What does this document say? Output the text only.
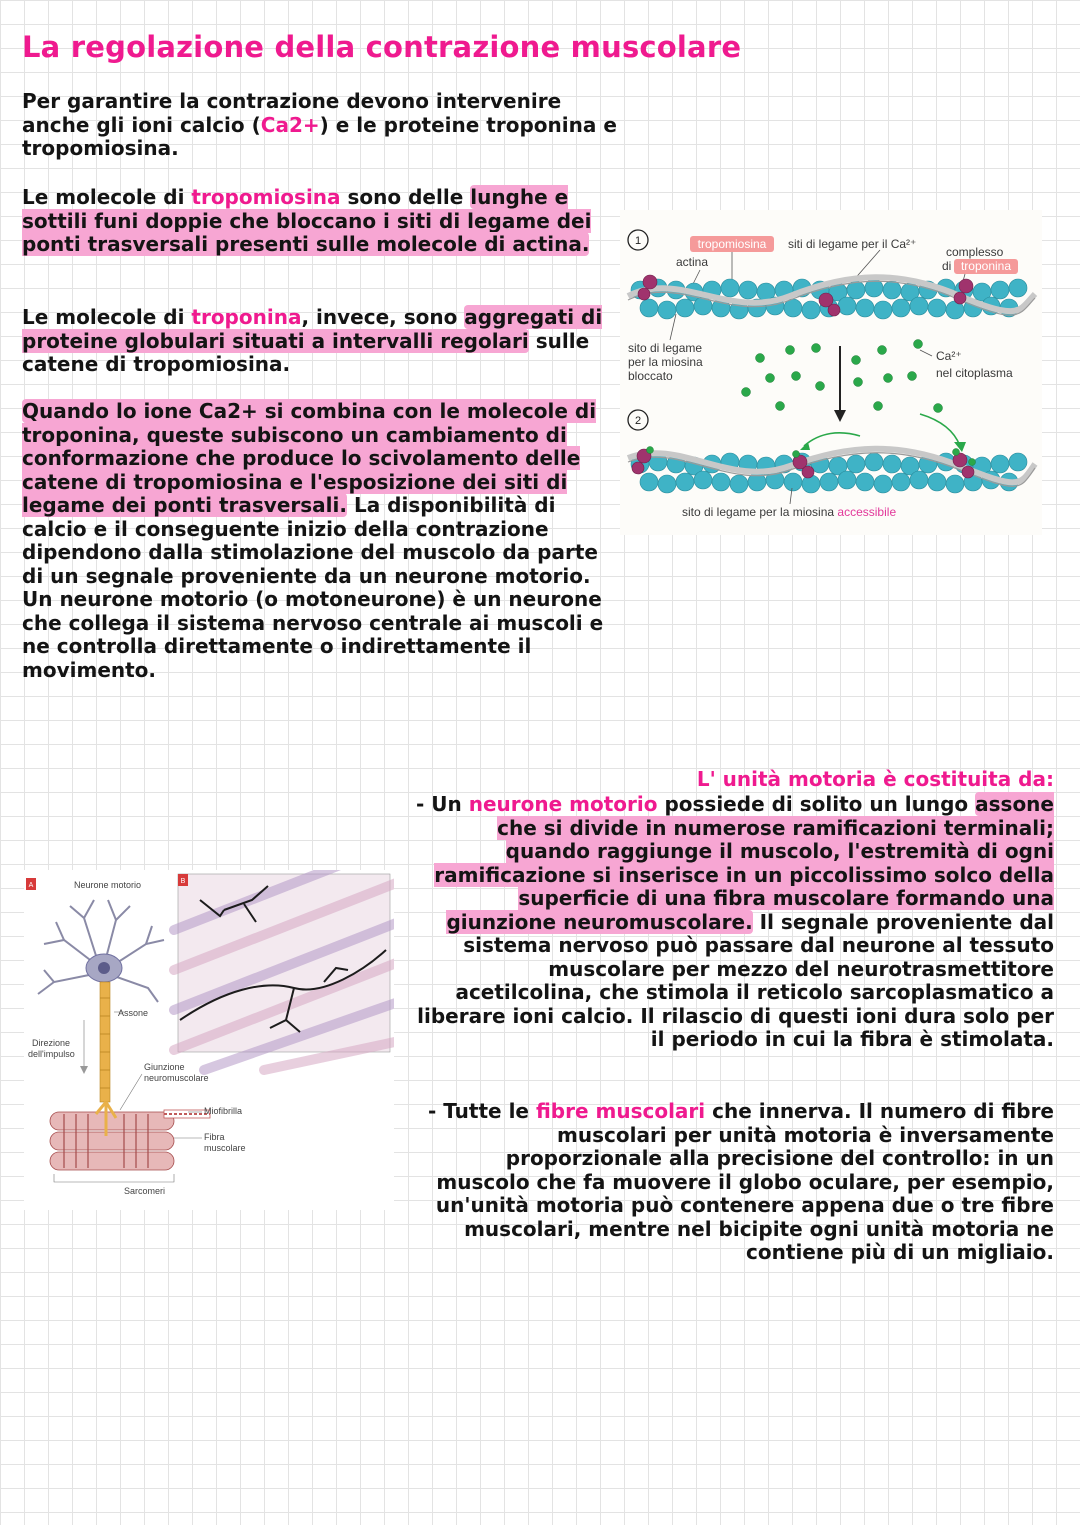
La regolazione della contrazione muscolare

Per garantire la contrazione devono intervenire anche gli ioni calcio (Ca2+) e le proteine troponina e tropomiosina.

Le molecole di tropomiosina sono delle lunghe e sottili funi doppie che bloccano i siti di legame dei ponti trasversali presenti sulle molecole di actina.

Le molecole di troponina, invece, sono aggregati di proteine globulari situati a intervalli regolari sulle catene di tropomiosina.

Quando lo ione Ca2+ si combina con le molecole di troponina, queste subiscono un cambiamento di conformazione che produce lo scivolamento delle catene di tropomiosina e l'esposizione dei siti di legame dei ponti trasversali. La disponibilità di calcio e il conseguente inizio della contrazione dipendono dalla stimolazione del muscolo da parte di un segnale proveniente da un neurone motorio. Un neurone motorio (o motoneurone) è un neurone che collega il sistema nervoso centrale ai muscoli e ne controlla direttamente o indirettamente il movimento.

1
2
tropomiosina siti di legame per il Ca²⁺
complesso
di troponina
actina
sito di legame
per la miosina
bloccato
Ca²⁺
nel citoplasma
sito di legame per la miosina accessibile
A	Neurone motorio
Assone
Direzione
dell'impulso
Giunzione
neuromuscolare
Miofibrilla
Fibra
muscolare
Sarcomeri
B
L' unità motoria è costituita da:

- Un neurone motorio possiede di solito un lungo assone che si divide in numerose ramificazioni terminali; quando raggiunge il muscolo, l'estremità di ogni ramificazione si inserisce in un piccolissimo solco della superficie di una fibra muscolare formando una giunzione neuromuscolare. Il segnale proveniente dal sistema nervoso può passare dal neurone al tessuto muscolare per mezzo del neurotrasmettitore acetilcolina, che stimola il reticolo sarcoplasmatico a liberare ioni calcio. Il rilascio di questi ioni dura solo per il periodo in cui la fibra è stimolata.

- Tutte le fibre muscolari che innerva. Il numero di fibre muscolari per unità motoria è inversamente proporzionale alla precisione del controllo: in un muscolo che fa muovere il globo oculare, per esempio, un'unità motoria può contenere appena due o tre fibre muscolari, mentre nel bicipite ogni unità motoria ne contiene più di un migliaio.
